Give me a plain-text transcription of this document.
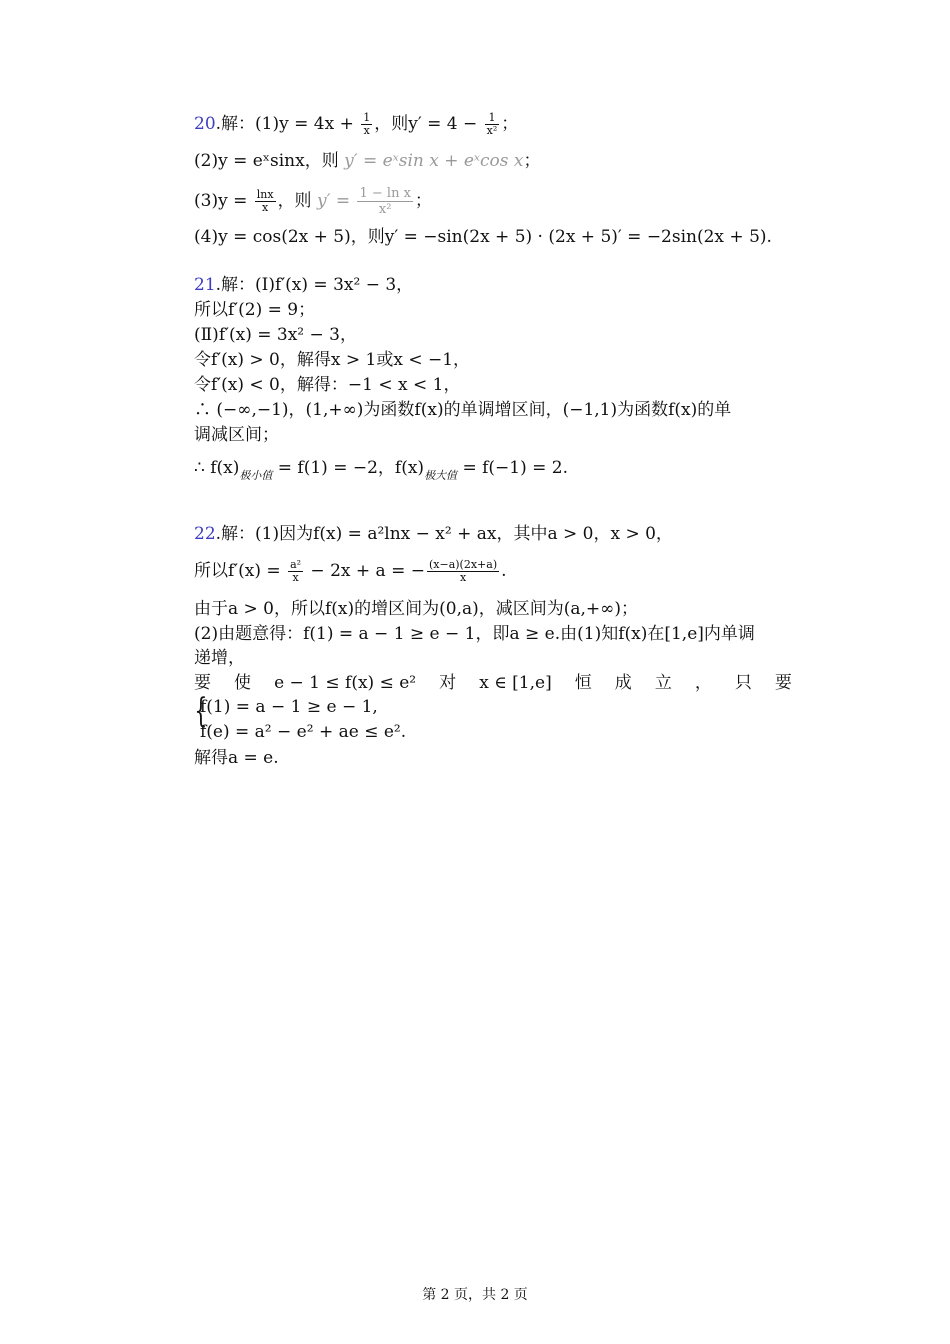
20.解：$(1)y = 4x + \frac{1}{x}$ ，则$y' = 4 - \frac{1}{\text{x²}}$ ；
(2)y = eˣsinx，则 y′ = eˣsin x + eˣcos x；
$(3)y = \frac{\ln x}{x}$ ，则 $y' = \frac{\text{1 − ln x}}{\text{x²}}$ ；
(4)y = cos(2x + 5)，则y′ = −sin(2x + 5) · (2x + 5)′ = −2sin(2x + 5).
21.解：(Ⅰ)f′(x) = 3x² − 3，
所以f′(2) = 9；
(Ⅱ)f′(x) = 3x² − 3，
令f′(x) > 0，解得x > 1或x < −1，
令f′(x) < 0，解得：−1 < x < 1，
∴ (−∞,−1)，(1,+∞)为函数f(x)的单调增区间，(−1,1)为函数f(x)的单
调减区间；
∴ $f(x)_{极小值} = f(1) = -2$，$f(x)_{极大值} = f(-1) = 2$.
22.解：(1)因为f(x) = a²lnx − x² + ax，其中a > 0，x > 0，
所以$f'(x) = \frac{\text{a²}}{x} - 2x + a$ = − $\frac{(x-a)(2x+a)}{x}$ .
由于a > 0，所以f(x)的增区间为(0,a)，减区间为(a,+∞)；
(2)由题意得：f(1) = a − 1 ≥ e − 1，即a ≥ e.由(1)知f(x)在[1,e]内单调
递增，
要 使 e − 1 ≤ f(x) ≤ e² 对 x ∈ [1,e] 恒 成 立 ， 只 要
{
f(1) = a − 1 ≥ e − 1,
f(e) = a² − e² + ae ≤ e².
解得a = e.
第 2 页，共 2 页
